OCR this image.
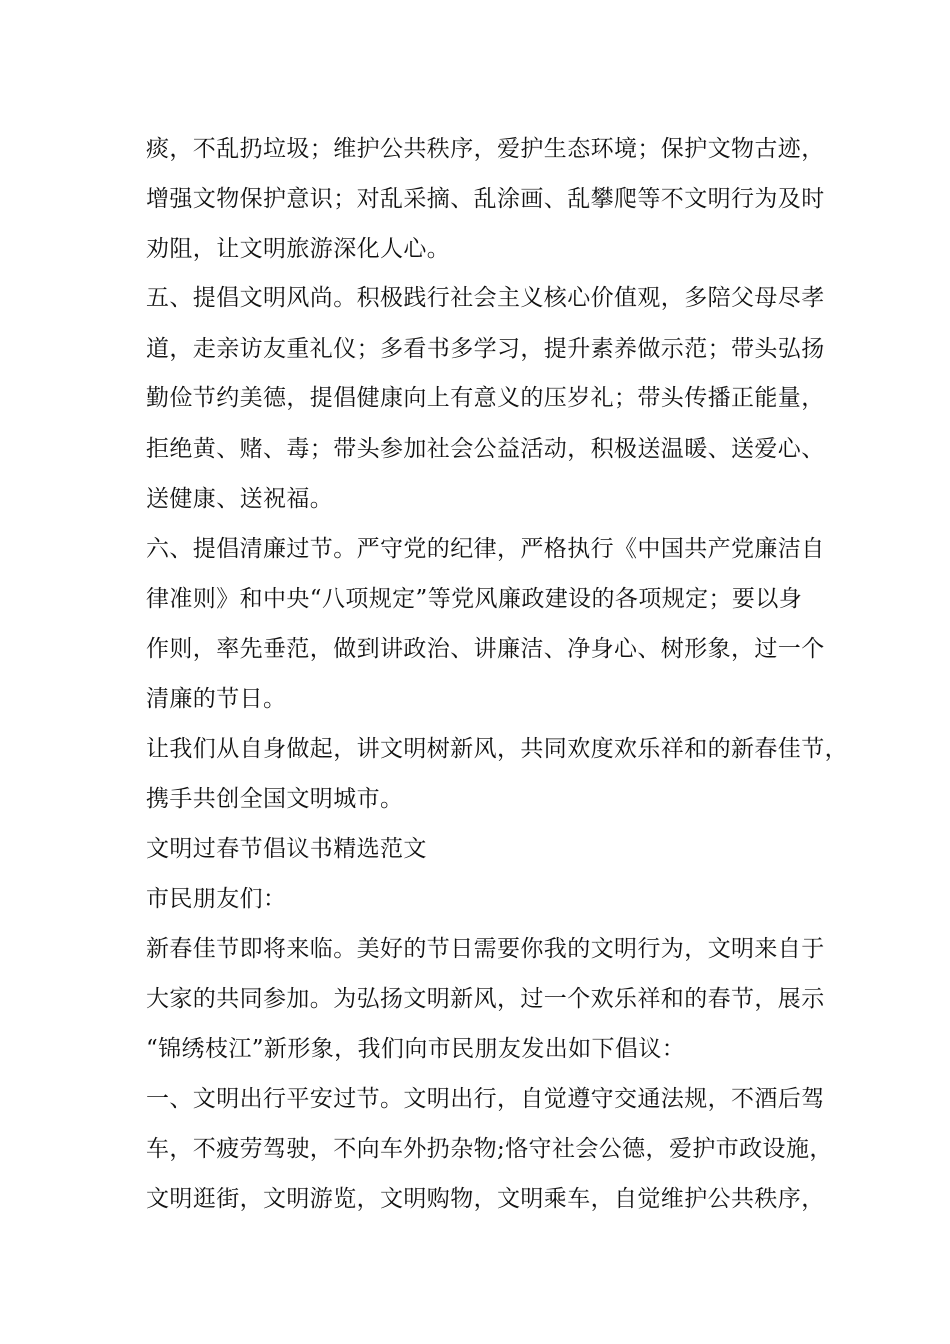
痰，不乱扔垃圾；维护公共秩序，爱护生态环境；保护文物古迹，
增强文物保护意识；对乱采摘、乱涂画、乱攀爬等不文明行为及时
劝阻，让文明旅游深化人心。
五、提倡文明风尚。积极践行社会主义核心价值观，多陪父母尽孝
道，走亲访友重礼仪；多看书多学习，提升素养做示范；带头弘扬
勤俭节约美德，提倡健康向上有意义的压岁礼；带头传播正能量，
拒绝黄、赌、毒；带头参加社会公益活动，积极送温暖、送爱心、
送健康、送祝福。
六、提倡清廉过节。严守党的纪律，严格执行《中国共产党廉洁自
律准则》和中央“八项规定”等党风廉政建设的各项规定；要以身
作则，率先垂范，做到讲政治、讲廉洁、净身心、树形象，过一个
清廉的节日。
让我们从自身做起，讲文明树新风，共同欢度欢乐祥和的新春佳节，
携手共创全国文明城市。
文明过春节倡议书精选范文
市民朋友们：
新春佳节即将来临。美好的节日需要你我的文明行为，文明来自于
大家的共同参加。为弘扬文明新风，过一个欢乐祥和的春节，展示
“锦绣枝江”新形象，我们向市民朋友发出如下倡议：
一、文明出行平安过节。文明出行，自觉遵守交通法规，不酒后驾
车，不疲劳驾驶，不向车外扔杂物;恪守社会公德，爱护市政设施，
文明逛街，文明游览，文明购物，文明乘车，自觉维护公共秩序，
